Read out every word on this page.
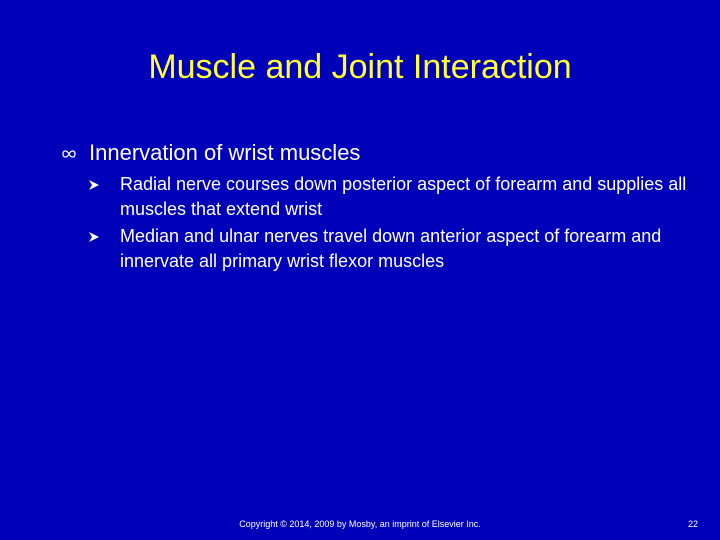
Muscle and Joint Interaction
Innervation of wrist muscles
Radial nerve courses down posterior aspect of forearm and supplies all muscles that extend wrist
Median and ulnar nerves travel down anterior aspect of forearm and innervate all primary wrist flexor muscles
Copyright © 2014, 2009 by Mosby, an imprint of Elsevier Inc.	22
